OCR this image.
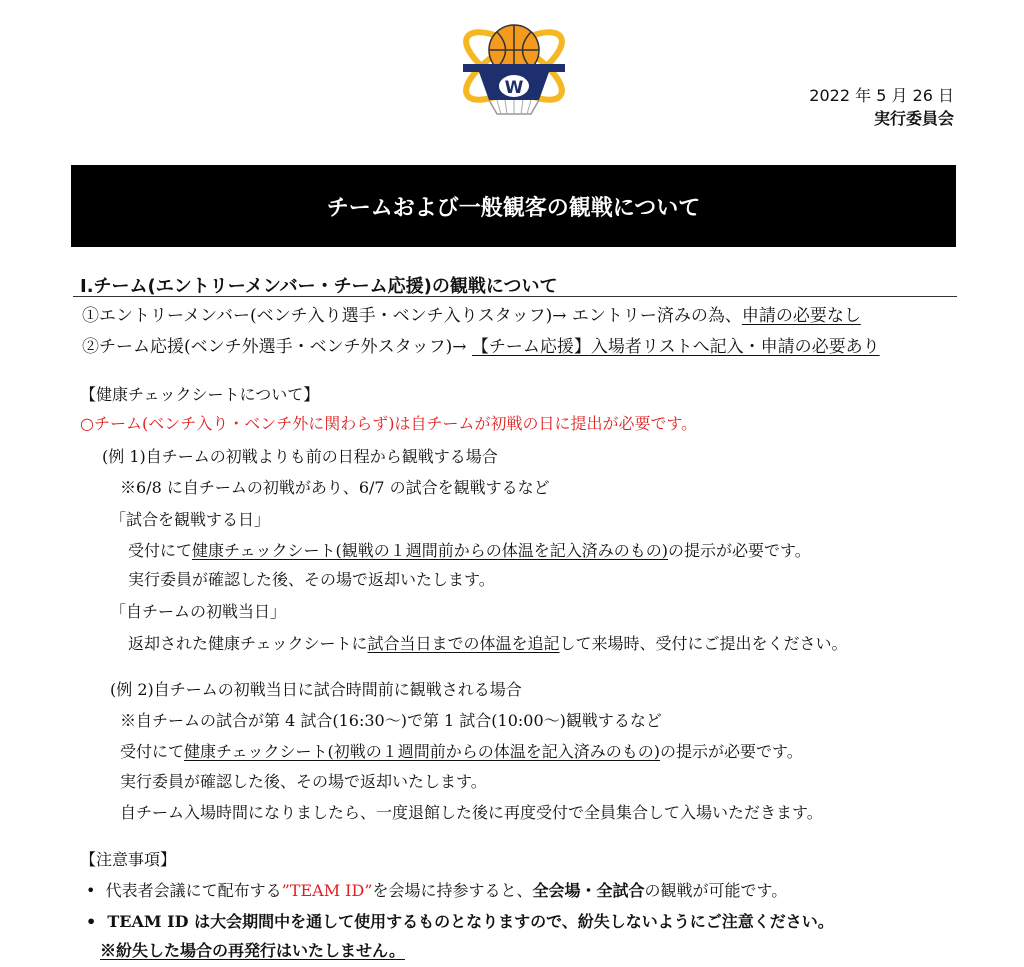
W	2022 年 5 月 26 日
実行委員会
チームおよび一般観客の観戦について
Ⅰ.チーム(エントリーメンバー・チーム応援)の観戦について
①エントリーメンバー(ベンチ入り選手・ベンチ入りスタッフ)→ エントリー済みの為、申請の必要なし
②チーム応援(ベンチ外選手・ベンチ外スタッフ)→ 【チーム応援】入場者リストへ記入・申請の必要あり
【健康チェックシートについて】
○チーム(ベンチ入り・ベンチ外に関わらず)は自チームが初戦の日に提出が必要です。
(例 1)自チームの初戦よりも前の日程から観戦する場合
※6/8 に自チームの初戦があり、6/7 の試合を観戦するなど
「試合を観戦する日」
受付にて健康チェックシート(観戦の１週間前からの体温を記入済みのもの)の提示が必要です。
実行委員が確認した後、その場で返却いたします。
「自チームの初戦当日」
返却された健康チェックシートに試合当日までの体温を追記して来場時、受付にご提出をください。
(例 2)自チームの初戦当日に試合時間前に観戦される場合
※自チームの試合が第 4 試合(16:30～)で第 1 試合(10:00～)観戦するなど
受付にて健康チェックシート(初戦の１週間前からの体温を記入済みのもの)の提示が必要です。
実行委員が確認した後、その場で返却いたします。
自チーム入場時間になりましたら、一度退館した後に再度受付で全員集合して入場いただきます。
【注意事項】
•  代表者会議にて配布する”TEAM ID”を会場に持参すると、全会場・全試合の観戦が可能です。
•  TEAM ID は大会期間中を通して使用するものとなりますので、紛失しないようにご注意ください。
※紛失した場合の再発行はいたしません。
